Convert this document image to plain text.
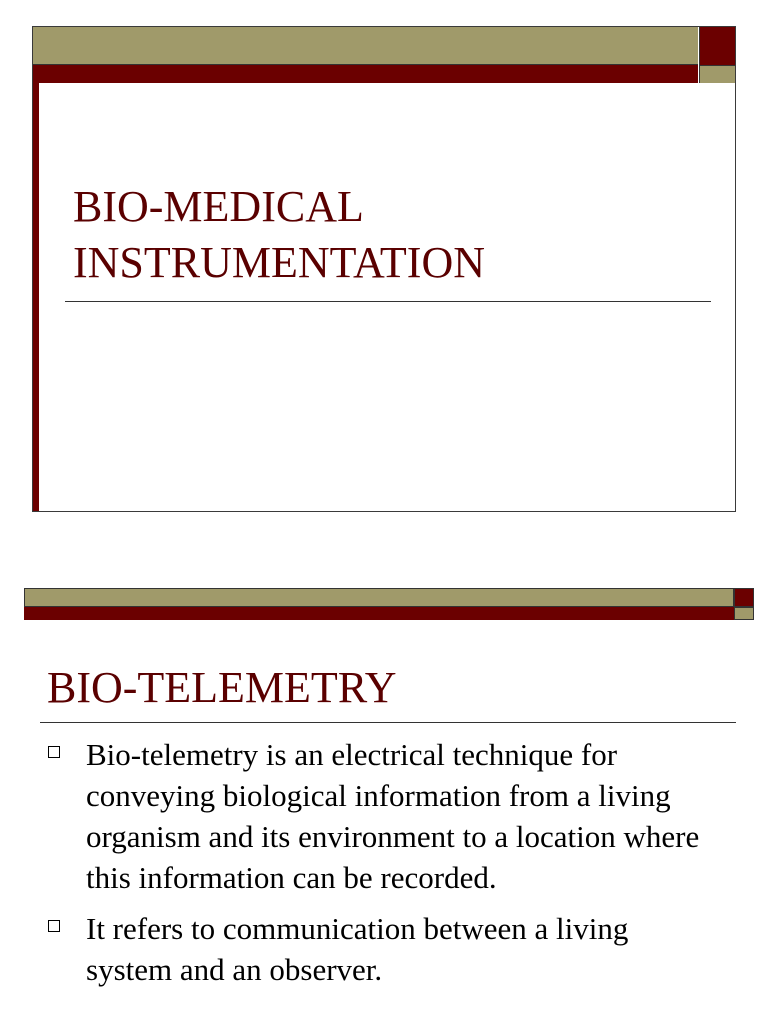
BIO-MEDICAL
INSTRUMENTATION
BIO-TELEMETRY
Bio-telemetry is an electrical technique for conveying biological information from a living organism and its environment to a location where this information can be recorded.
It refers to communication between a living system and an observer.
